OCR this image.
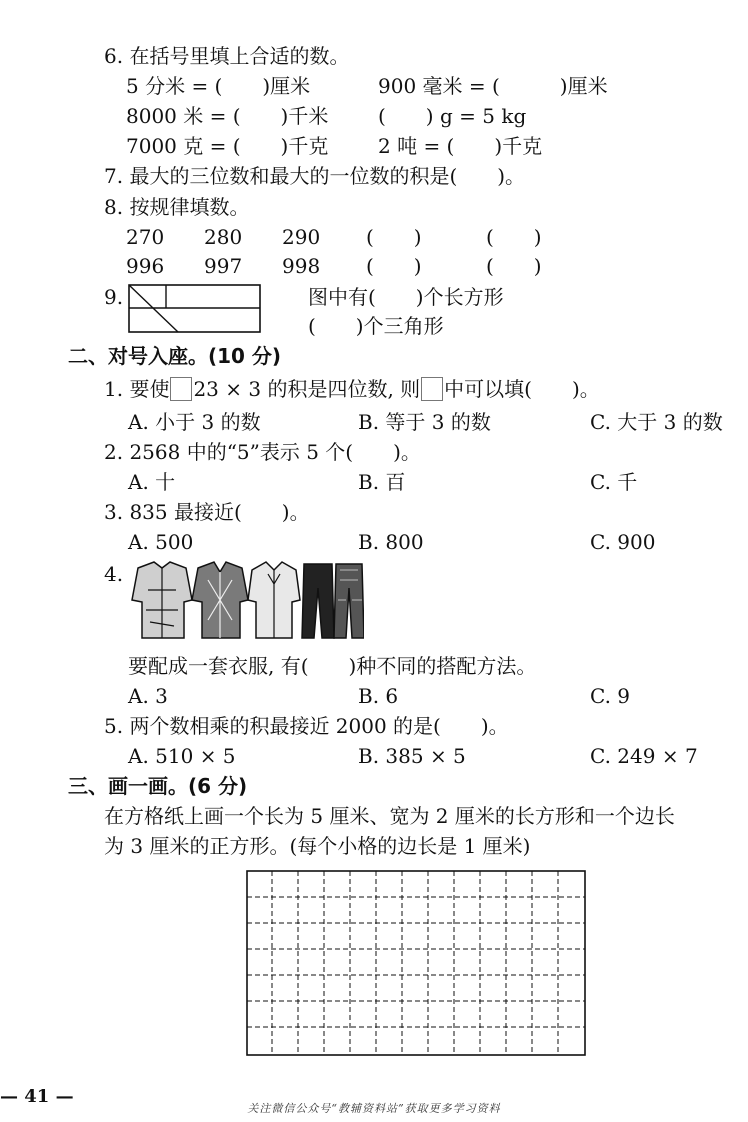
6. 在括号里填上合适的数。
5 分米 = (　　)厘米	900 毫米 = (　　　)厘米
8000 米 = (　　)千米 (　　) g = 5 kg
7000 克 = (　　)千克 2 吨 = (　　)千克
7. 最大的三位数和最大的一位数的积是(　　)。
8. 按规律填数。
270 280 290 (　　)	(　　)
996 997 998 (　　)	(　　)
9.	图中有(　　)个长方形
(　　)个三角形
二、对号入座。(10 分)
1. 要使 23 × 3 的积是四位数, 则 中可以填(　　)。
A. 小于 3 的数	B. 等于 3 的数	C. 大于 3 的数
2. 2568 中的“5”表示 5 个(　　)。
A. 十	B. 百	C. 千
3. 835 最接近(　　)。
A. 500	B. 800	C. 900
4.
要配成一套衣服, 有(　　)种不同的搭配方法。
A. 3	B. 6	C. 9
5. 两个数相乘的积最接近 2000 的是(　　)。
A. 510 × 5	B. 385 × 5	C. 249 × 7
三、画一画。(6 分)
在方格纸上画一个长为 5 厘米、宽为 2 厘米的长方形和一个边长
为 3 厘米的正方形。(每个小格的边长是 1 厘米)
— 41 —
关注微信公众号“教辅资料站”获取更多学习资料
